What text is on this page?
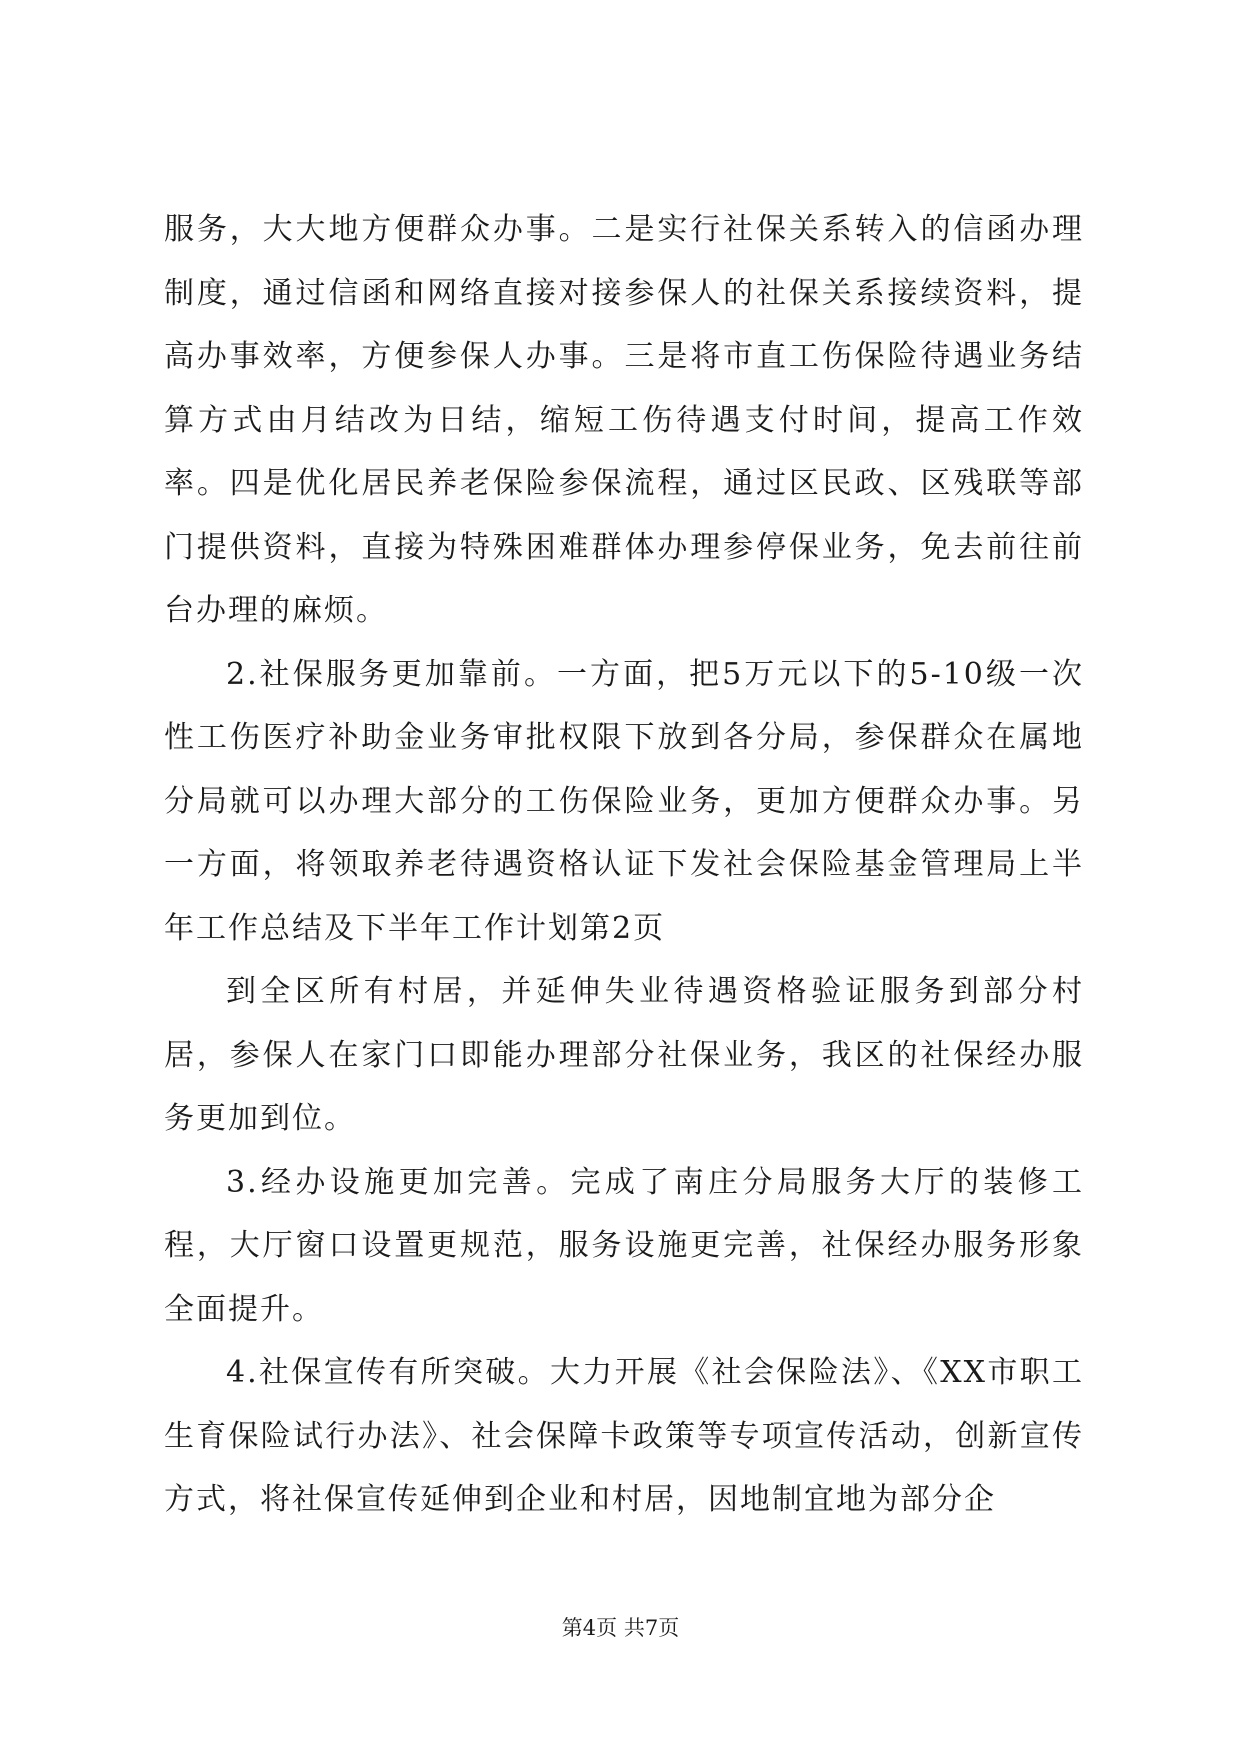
服务，大大地方便群众办事。二是实行社保关系转入的信函办理制度，通过信函和网络直接对接参保人的社保关系接续资料，提高办事效率，方便参保人办事。三是将市直工伤保险待遇业务结算方式由月结改为日结，缩短工伤待遇支付时间，提高工作效率。四是优化居民养老保险参保流程，通过区民政、区残联等部门提供资料，直接为特殊困难群体办理参停保业务，免去前往前台办理的麻烦。

2.社保服务更加靠前。一方面，把5万元以下的5-10级一次性工伤医疗补助金业务审批权限下放到各分局，参保群众在属地分局就可以办理大部分的工伤保险业务，更加方便群众办事。另一方面，将领取养老待遇资格认证下发社会保险基金管理局上半年工作总结及下半年工作计划第2页

到全区所有村居，并延伸失业待遇资格验证服务到部分村居，参保人在家门口即能办理部分社保业务，我区的社保经办服务更加到位。

3.经办设施更加完善。完成了南庄分局服务大厅的装修工程，大厅窗口设置更规范，服务设施更完善，社保经办服务形象全面提升。

4.社保宣传有所突破。大力开展《社会保险法》、《XX市职工生育保险试行办法》、社会保障卡政策等专项宣传活动，创新宣传方式，将社保宣传延伸到企业和村居，因地制宜地为部分企

第4页 共7页
